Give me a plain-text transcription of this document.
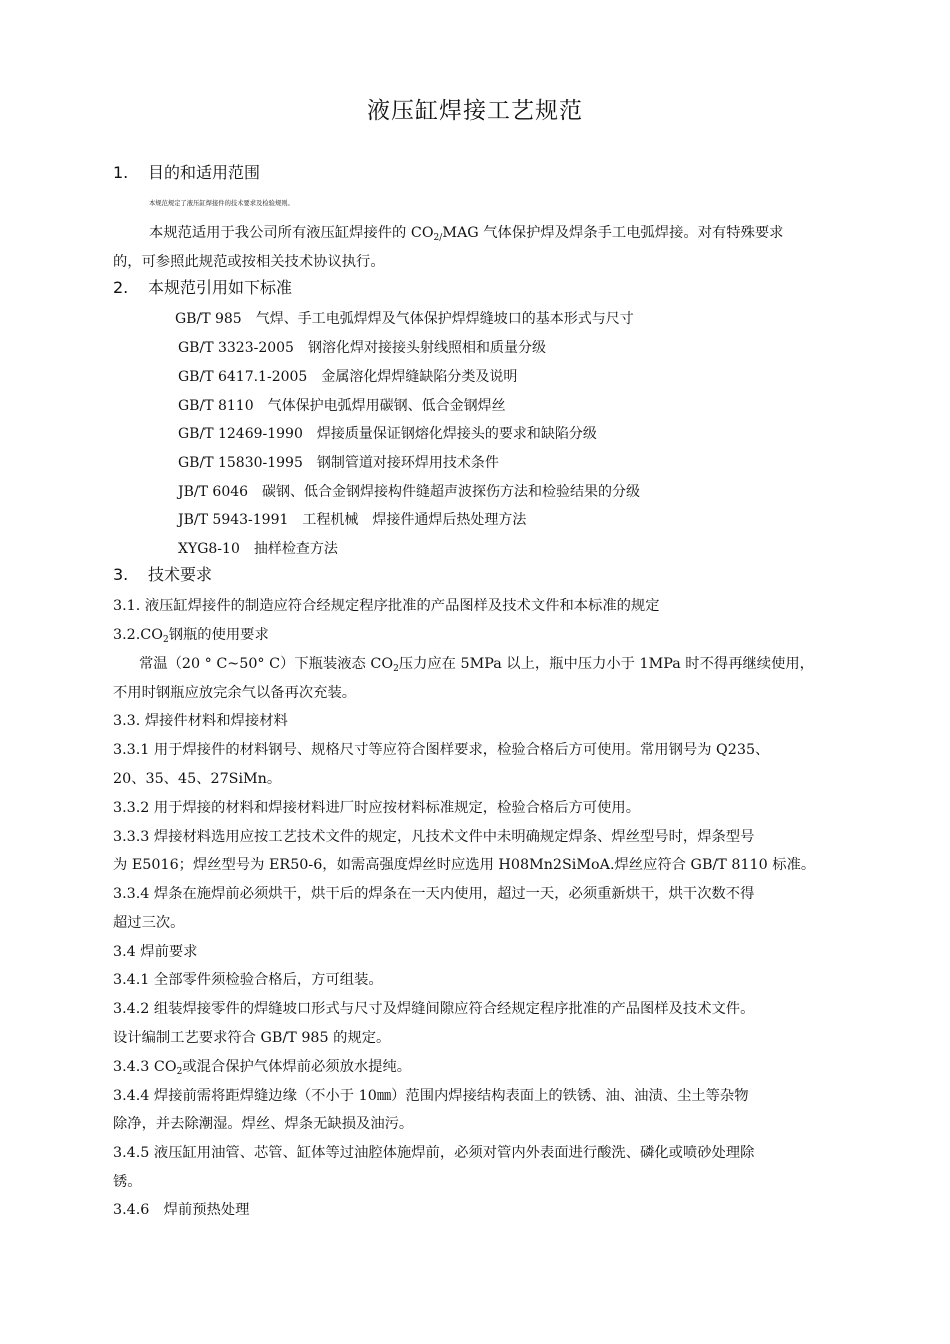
液压缸焊接工艺规范
1. 目的和适用范围
本规范规定了液压缸焊接件的技术要求及检验规则。
本规范适用于我公司所有液压缸焊接件的 $CO_{2/}MAG$ 气体保护焊及焊条手工电弧焊接。对有特殊要求
的，可参照此规范或按相关技术协议执行。
2. 本规范引用如下标准
GB/T 985 气焊、手工电弧焊焊及气体保护焊焊缝坡口的基本形式与尺寸
GB/T 3323-2005 钢溶化焊对接接头射线照相和质量分级
GB/T 6417.1-2005 金属溶化焊焊缝缺陷分类及说明
GB/T 8110 气体保护电弧焊用碳钢、低合金钢焊丝
GB/T 12469-1990 焊接质量保证钢熔化焊接头的要求和缺陷分级
GB/T 15830-1995 钢制管道对接环焊用技术条件
JB/T 6046 碳钢、低合金钢焊接构件缝超声波探伤方法和检验结果的分级
JB/T 5943-1991 工程机械　焊接件通焊后热处理方法
XYG8-10 抽样检查方法
3. 技术要求
3.1. 液压缸焊接件的制造应符合经规定程序批准的产品图样及技术文件和本标准的规定
$3.2.CO_2$钢瓶的使用要求
常温（20 ° C~50° C）下瓶装液态 $CO_2$压力应在 5MPa 以上，瓶中压力小于 1MPa 时不得再继续使用，
不用时钢瓶应放完余气以备再次充装。
3.3. 焊接件材料和焊接材料
3.3.1 用于焊接件的材料钢号、规格尺寸等应符合图样要求，检验合格后方可使用。常用钢号为 Q235、
20、35、45、27SiMn。
3.3.2 用于焊接的材料和焊接材料进厂时应按材料标准规定，检验合格后方可使用。
3.3.3 焊接材料选用应按工艺技术文件的规定，凡技术文件中未明确规定焊条、焊丝型号时，焊条型号
为 E5016；焊丝型号为 ER50-6，如需高强度焊丝时应选用 H08Mn2SiMoA.焊丝应符合 GB/T 8110 标准。
3.3.4 焊条在施焊前必须烘干，烘干后的焊条在一天内使用，超过一天，必须重新烘干，烘干次数不得
超过三次。
3.4 焊前要求
3.4.1 全部零件须检验合格后，方可组装。
3.4.2 组装焊接零件的焊缝坡口形式与尺寸及焊缝间隙应符合经规定程序批准的产品图样及技术文件。
设计编制工艺要求符合 GB/T 985 的规定。
3.4.3 $CO_2$或混合保护气体焊前必须放水提纯。
3.4.4 焊接前需将距焊缝边缘（不小于 10㎜）范围内焊接结构表面上的铁锈、油、油渍、尘土等杂物
除净，并去除潮湿。焊丝、焊条无缺损及油污。
3.4.5 液压缸用油管、芯管、缸体等过油腔体施焊前，必须对管内外表面进行酸洗、磷化或喷砂处理除
锈。
3.4.6　焊前预热处理
